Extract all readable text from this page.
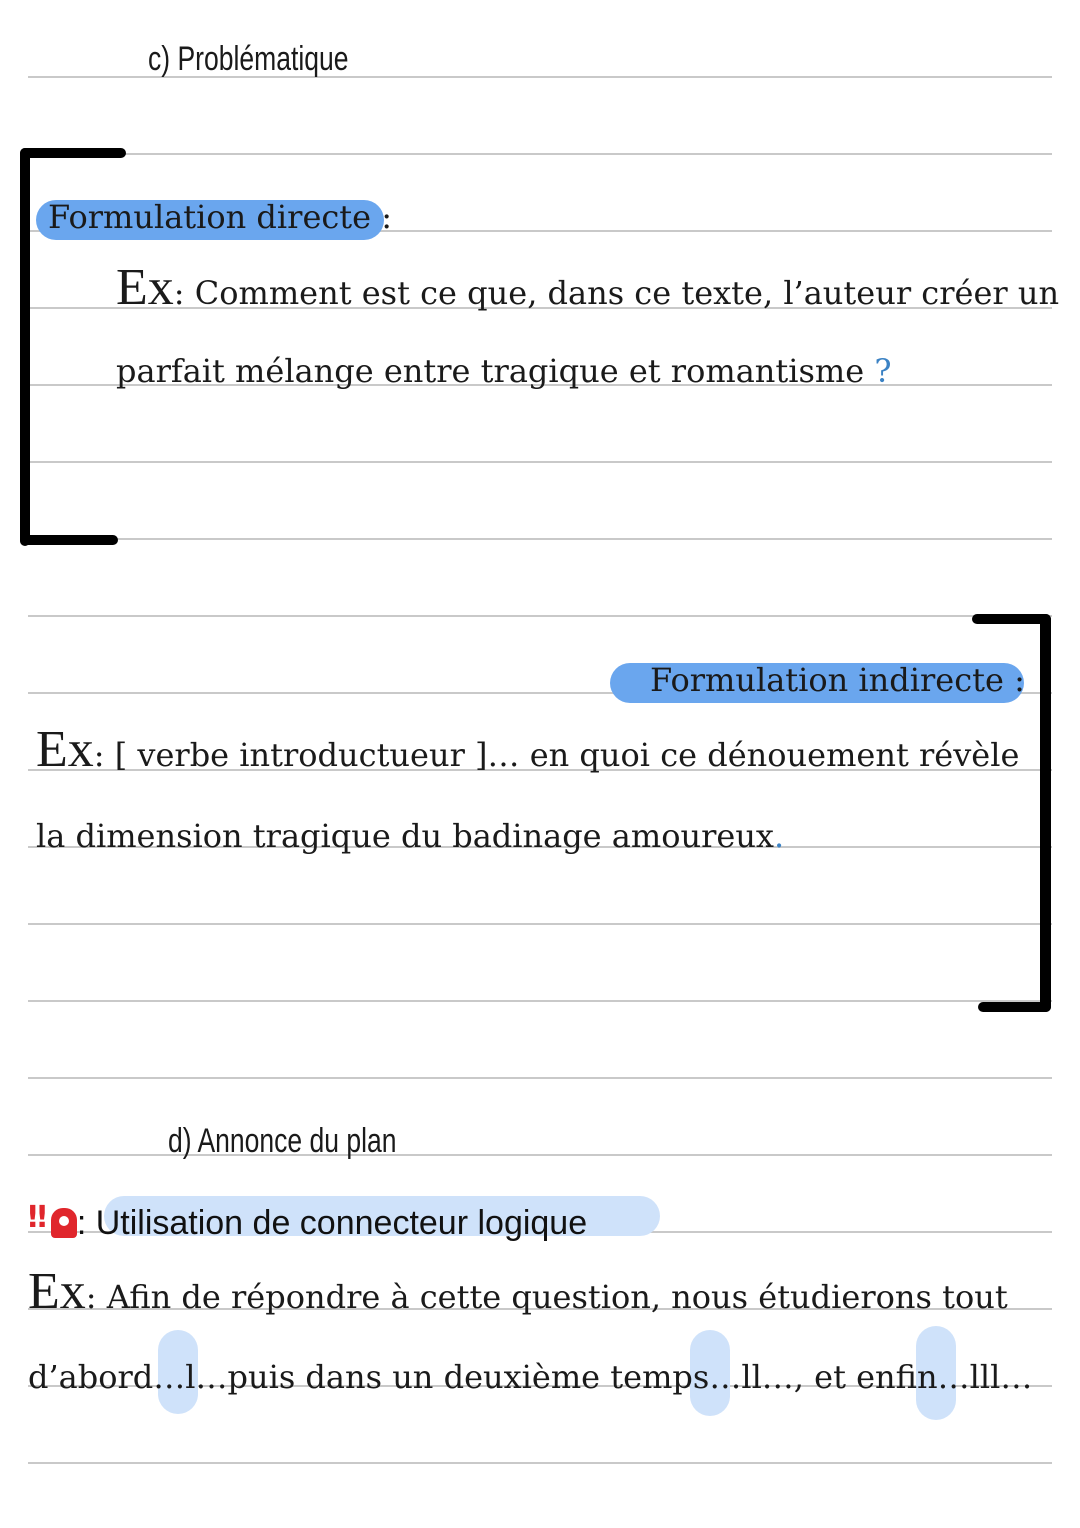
c) Problématique
Formulation directe :
Ex: Comment est ce que, dans ce texte, l’auteur créer un
parfait mélange entre tragique et romantisme ?
Formulation indirecte :
Ex: [ verbe introductueur ]… en quoi ce dénouement révèle
la dimension tragique du badinage amoureux.
d) Annonce du plan
‼ : Utilisation de connecteur logique
Ex: Afin de répondre à cette question, nous étudierons tout
d’abord…l…puis dans un deuxième temps…ll…, et enfin…lll…
